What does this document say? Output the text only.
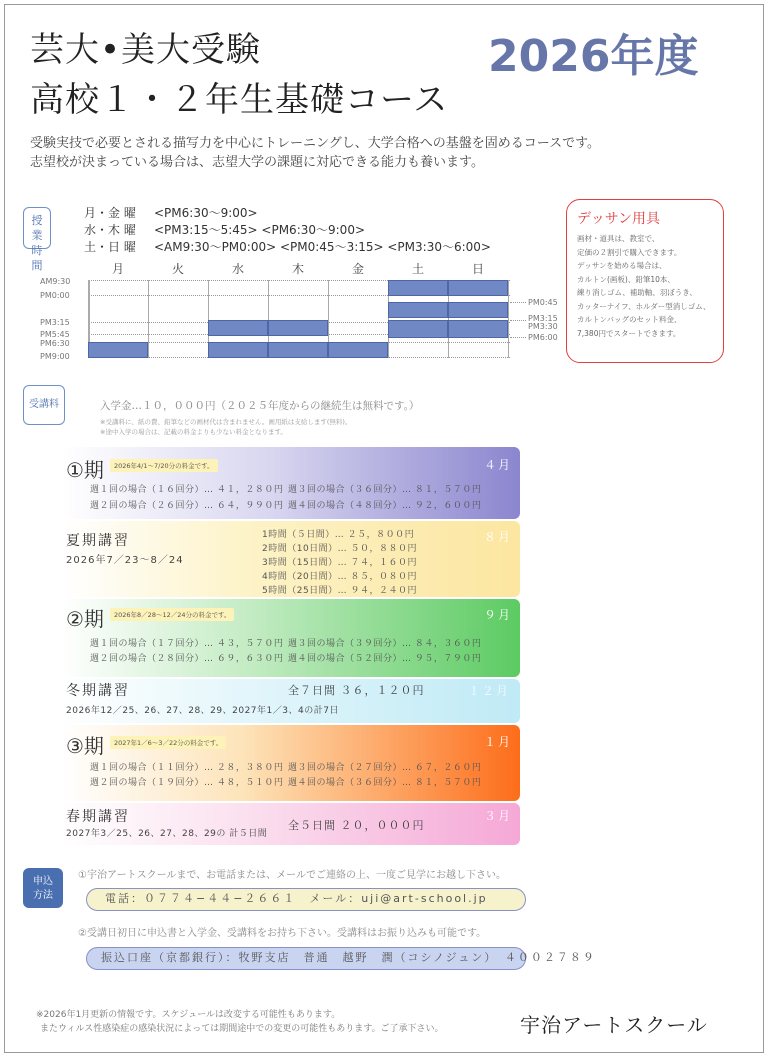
芸大•美大受験
高校１・２年生基礎コース
2026年度
受験実技で必要とされる描写力を中心にトレーニングし、大学合格への基盤を固めるコースです。
志望校が決まっている場合は、志望大学の課題に対応できる能力も養います。
授業時間
月・金 曜 <PM6:30〜9:00>
水・木 曜 <PM3:15〜5:45> <PM6:30〜9:00>
土・日 曜 <AM9:30〜PM0:00> <PM0:45〜3:15> <PM3:30〜6:00>
月	火	水	木	金	土	日
AM9:30
PM0:00
PM3:15
PM5:45
PM6:30
PM9:00
PM0:45
PM3:15
PM3:30
PM6:00
デッサン用具

画材・道具は、教室で、

定価の２割引で購入できます。

デッサンを始める場合は、

カルトン(画板)、鉛筆10本、

練り消しゴム、補助軸、羽ぼうき、

カッターナイフ、ホルダー型消しゴム、

カルトンバッグのセット料金、

7,380円でスタートできます。

受講料	入学金…１０，０００円（２０２５年度からの継続生は無料です。）
※受講料に、紙の費、鉛筆などの画材代は含まれません。画用紙は支給します(無料)。
※途中入学の場合は、記載の料金よりも少ない料金となります。
①期	2026年4/1〜7/20分の料金です。	４月
週１回の場合（１６回分）… ４１，２８０円
週２回の場合（２６回分）… ６４，９９０円
週３回の場合（３６回分）… ８１，５７０円
週４回の場合（４８回分）… ９２，６００円
夏期講習
2026年7／23〜8／24
８月
1時間（５日間）… ２５，８００円
2時間（10日間）… ５０，８８０円
3時間（15日間）… ７４，１６０円
4時間（20日間）… ８５，０８０円
5時間（25日間）… ９４，２４０円
②期	2026年8／28〜12／24分の料金です。	９月
週１回の場合（１７回分）… ４３，５７０円
週２回の場合（２８回分）… ６９，６３０円
週３回の場合（３９回分）… ８４，３６０円
週４回の場合（５２回分）… ９５，７９０円
冬期講習	全７日間 ３６，１２０円	１２月
2026年12／25、26、27、28、29、2027年1／3、4の計7日
③期	2027年1／6〜3／22分の料金です。	１月
週１回の場合（１１回分）… ２８，３８０円
週２回の場合（１９回分）… ４８，５１０円
週３回の場合（２７回分）… ６７，２６０円
週４回の場合（３６回分）… ８１，５７０円
春期講習
全５日間 ２０，０００円
３月
2027年3／25、26、27、28、29の 計５日間
申込方法
①宇治アートスクールまで、お電話または、メールでご連絡の上、一度ご見学にお越し下さい。
電話：０７７４−４４−２６６１　メール：uji@art-school.jp
②受講日初日に申込書と入学金、受講料をお持ち下さい。受講料はお振り込みも可能です。
振込口座（京都銀行）：牧野支店　普通　越野　潤（コシノジュン）　４００２７８９
※2026年1月更新の情報です。スケジュールは改変する可能性もあります。
またウィルス性感染症の感染状況によっては期間途中での変更の可能性もあります。ご了承下さい。	宇治アートスクール
